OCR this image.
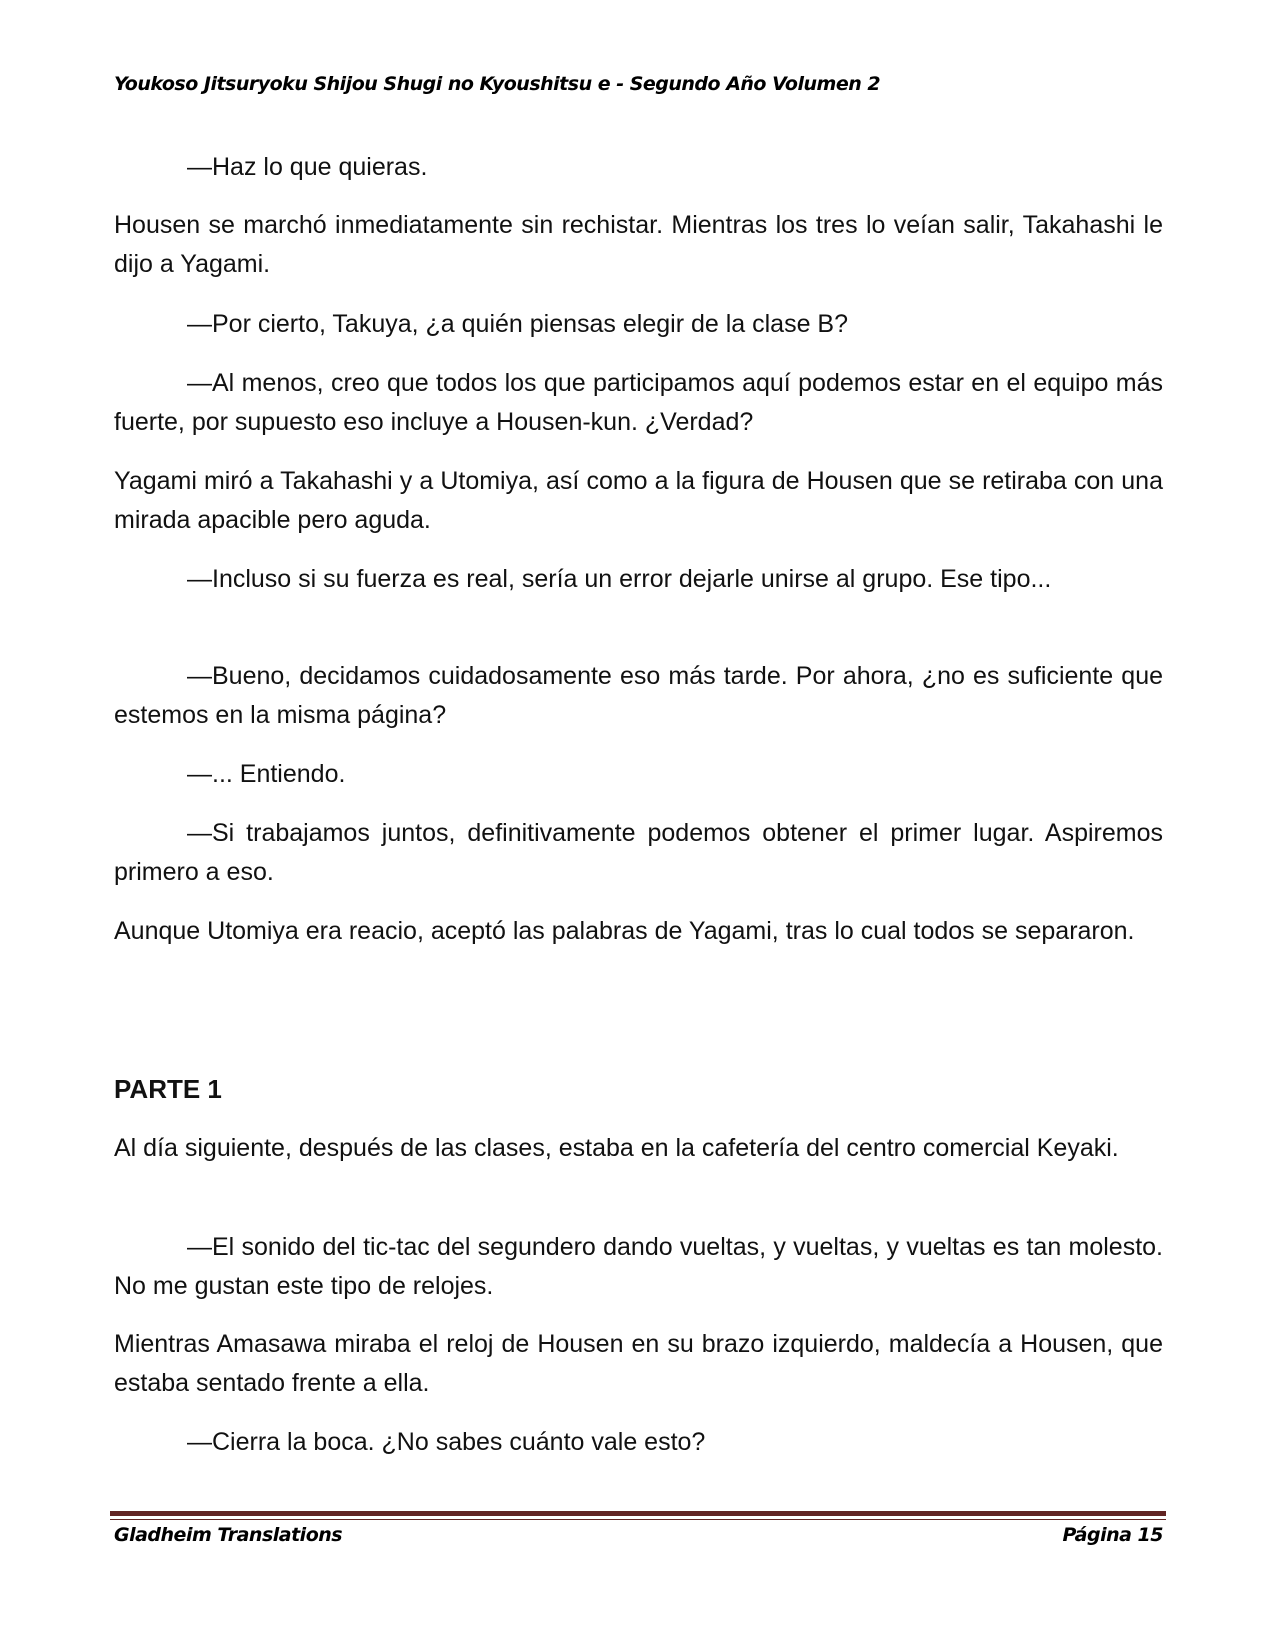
Youkoso Jitsuryoku Shijou Shugi no Kyoushitsu e - Segundo Año Volumen 2

—Haz lo que quieras.

Housen se marchó inmediatamente sin rechistar. Mientras los tres lo veían salir, Takahashi le dijo a Yagami.

—Por cierto, Takuya, ¿a quién piensas elegir de la clase B?

—Al menos, creo que todos los que participamos aquí podemos estar en el equipo más fuerte, por supuesto eso incluye a Housen-kun. ¿Verdad?

Yagami miró a Takahashi y a Utomiya, así como a la figura de Housen que se retiraba con una mirada apacible pero aguda.

—Incluso si su fuerza es real, sería un error dejarle unirse al grupo. Ese tipo...

—Bueno, decidamos cuidadosamente eso más tarde. Por ahora, ¿no es suficiente que estemos en la misma página?

—... Entiendo.

—Si trabajamos juntos, definitivamente podemos obtener el primer lugar. Aspiremos primero a eso.

Aunque Utomiya era reacio, aceptó las palabras de Yagami, tras lo cual todos se separaron.

PARTE 1

Al día siguiente, después de las clases, estaba en la cafetería del centro comercial Keyaki.

—El sonido del tic-tac del segundero dando vueltas, y vueltas, y vueltas es tan molesto. No me gustan este tipo de relojes.

Mientras Amasawa miraba el reloj de Housen en su brazo izquierdo, maldecía a Housen, que estaba sentado frente a ella.

—Cierra la boca. ¿No sabes cuánto vale esto?

Gladheim Translations	Página 15
